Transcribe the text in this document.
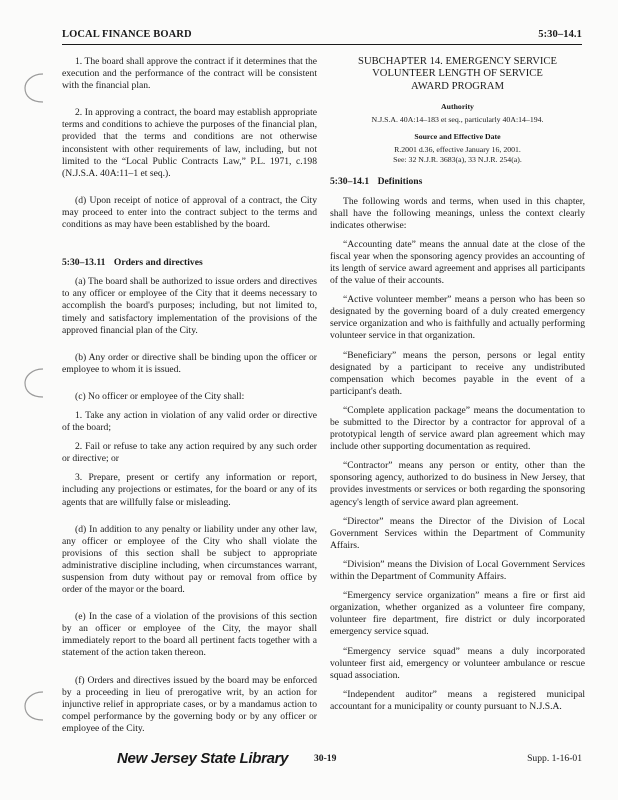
LOCAL FINANCE BOARD	5:30–14.1

1. The board shall approve the contract if it determines that the execution and the performance of the contract will be consistent with the financial plan.

2. In approving a contract, the board may establish appropriate terms and conditions to achieve the purposes of the financial plan, provided that the terms and conditions are not otherwise inconsistent with other requirements of law, including, but not limited to the “Local Public Contracts Law,” P.L. 1971, c.198 (N.J.S.A. 40A:11–1 et seq.).

(d) Upon receipt of notice of approval of a contract, the City may proceed to enter into the contract subject to the terms and conditions as may have been established by the board.

5:30–13.11 Orders and directives

(a) The board shall be authorized to issue orders and directives to any officer or employee of the City that it deems necessary to accomplish the board's purposes; including, but not limited to, timely and satisfactory implementation of the provisions of the approved financial plan of the City.

(b) Any order or directive shall be binding upon the officer or employee to whom it is issued.

(c) No officer or employee of the City shall:

1. Take any action in violation of any valid order or directive of the board;

2. Fail or refuse to take any action required by any such order or directive; or

3. Prepare, present or certify any information or report, including any projections or estimates, for the board or any of its agents that are willfully false or misleading.

(d) In addition to any penalty or liability under any other law, any officer or employee of the City who shall violate the provisions of this section shall be subject to appropriate administrative discipline including, when circumstances warrant, suspension from duty without pay or removal from office by order of the mayor or the board.

(e) In the case of a violation of the provisions of this section by an officer or employee of the City, the mayor shall immediately report to the board all pertinent facts together with a statement of the action taken thereon.

(f) Orders and directives issued by the board may be enforced by a proceeding in lieu of prerogative writ, by an action for injunctive relief in appropriate cases, or by a mandamus action to compel performance by the governing body or by any officer or employee of the City.

SUBCHAPTER 14. EMERGENCY SERVICE
VOLUNTEER LENGTH OF SERVICE
AWARD PROGRAM
Authority
N.J.S.A. 40A:14–183 et seq., particularly 40A:14–194.
Source and Effective Date
R.2001 d.36, effective January 16, 2001.
See: 32 N.J.R. 3683(a), 33 N.J.R. 254(a).
5:30–14.1 Definitions

The following words and terms, when used in this chapter, shall have the following meanings, unless the context clearly indicates otherwise:

“Accounting date” means the annual date at the close of the fiscal year when the sponsoring agency provides an accounting of its length of service award agreement and apprises all participants of the value of their accounts.

“Active volunteer member” means a person who has been so designated by the governing board of a duly created emergency service organization and who is faithfully and actually performing volunteer service in that organization.

“Beneficiary” means the person, persons or legal entity designated by a participant to receive any undistributed compensation which becomes payable in the event of a participant's death.

“Complete application package” means the documentation to be submitted to the Director by a contractor for approval of a prototypical length of service award plan agreement which may include other supporting documentation as required.

“Contractor” means any person or entity, other than the sponsoring agency, authorized to do business in New Jersey, that provides investments or services or both regarding the sponsoring agency's length of service award plan agreement.

“Director” means the Director of the Division of Local Government Services within the Department of Community Affairs.

“Division” means the Division of Local Government Services within the Department of Community Affairs.

“Emergency service organization” means a fire or first aid organization, whether organized as a volunteer fire company, volunteer fire department, fire district or duly incorporated emergency service squad.

“Emergency service squad” means a duly incorporated volunteer first aid, emergency or volunteer ambulance or rescue squad association.

“Independent auditor” means a registered municipal accountant for a municipality or county pursuant to N.J.S.A.

New Jersey State Library	30-19	Supp. 1-16-01
